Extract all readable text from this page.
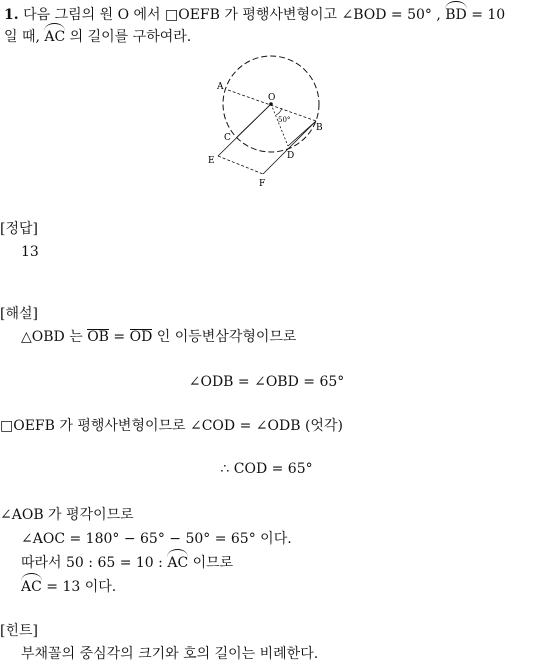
1. 다음 그림의 원 O 에서 □OEFB 가 평행사변형이고 ∠BOD = 50° , BD = 10
일 때, AC 의 길이를 구하여라.
A
O
B
C
D
E
F
50°
[정답]
13
[해설]
△OBD 는 OB = OD 인 이등변삼각형이므로
∠ODB = ∠OBD = 65°
□OEFB 가 평행사변형이므로 ∠COD = ∠ODB (엇각)
∴ COD = 65°
∠AOB 가 평각이므로
∠AOC = 180° − 65° − 50° = 65° 이다.
따라서 50 : 65 = 10 : AC 이므로
AC = 13 이다.
[힌트]
부채꼴의 중심각의 크기와 호의 길이는 비례한다.
